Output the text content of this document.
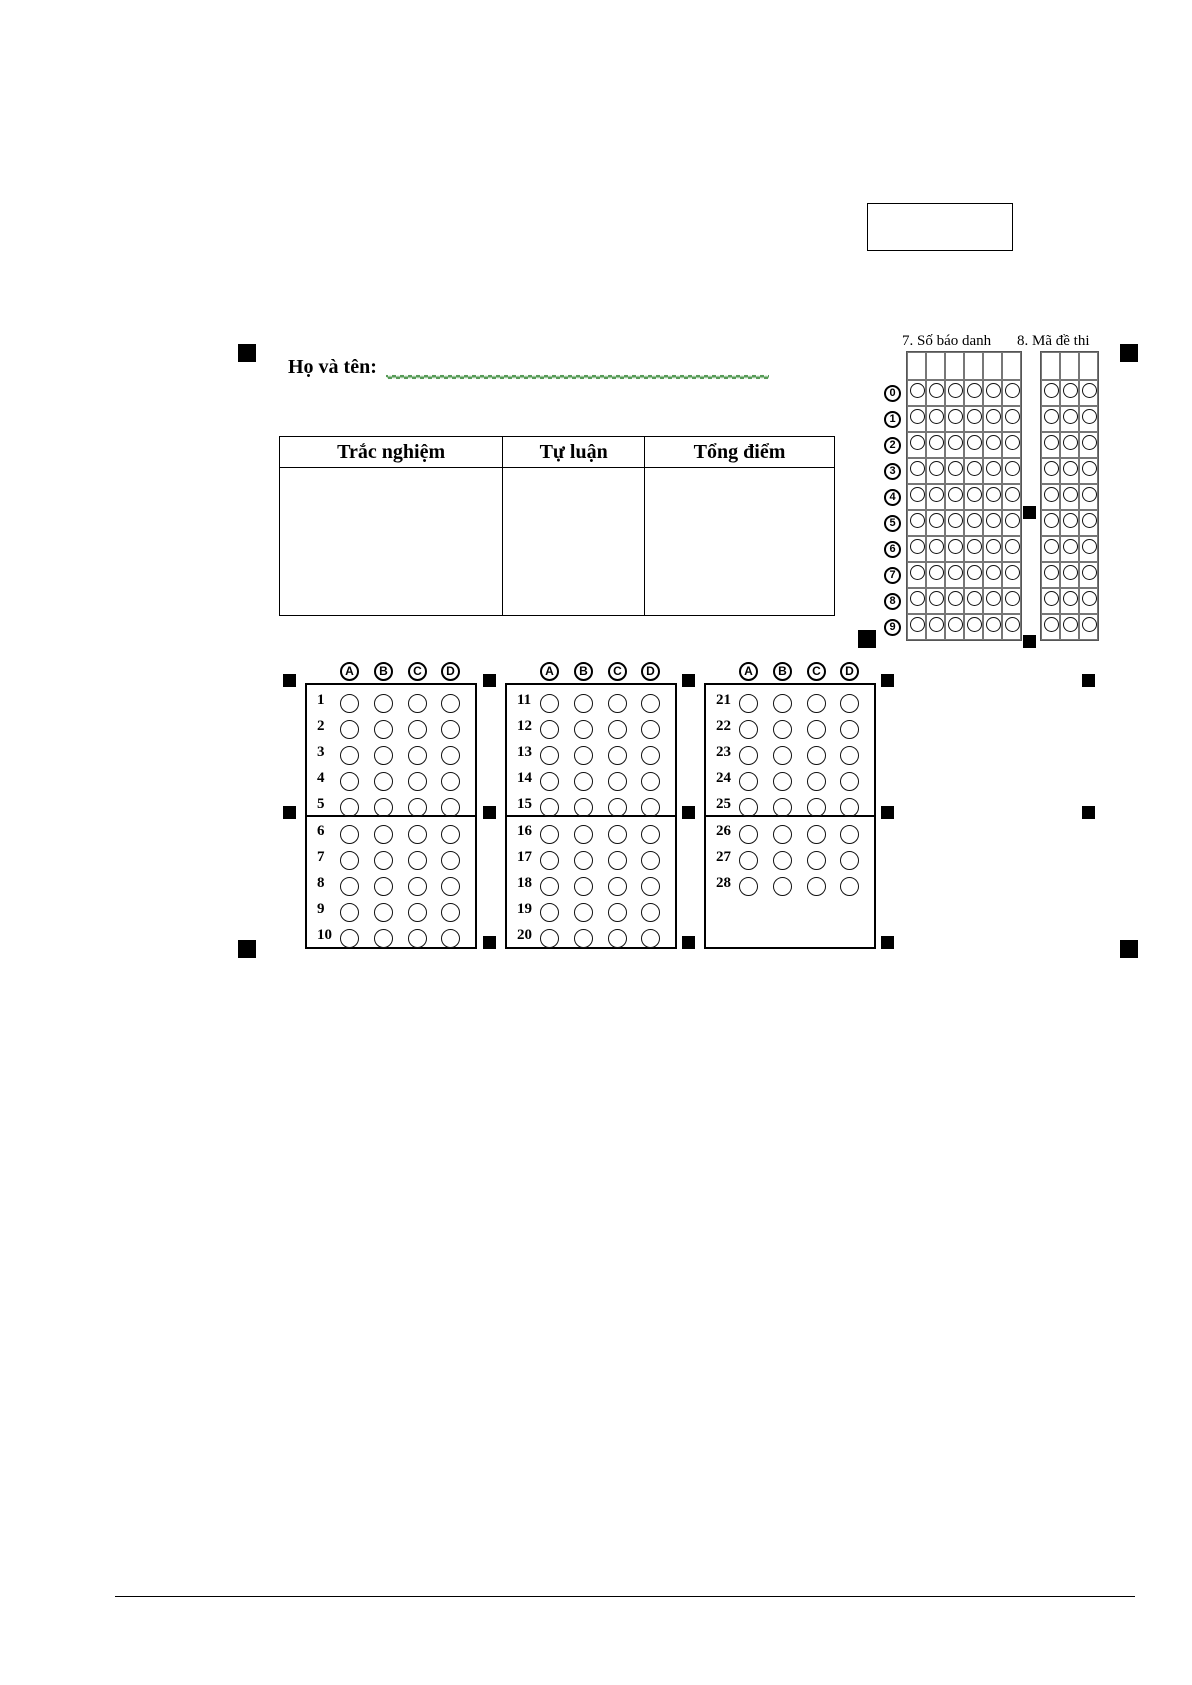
Họ và tên:
Trắc nghiệm	Tự luận	Tổng điểm

7. Số báo danh 8. Mã đề thi
0
1
2
3
4
5
6
7
8
9
A	B	C	D
1
2
3
4
5
6
7
8
9
10
A	B	C	D
11
12
13
14
15
16
17
18
19
20
A	B	C	D
21
22
23
24
25
26
27
28
